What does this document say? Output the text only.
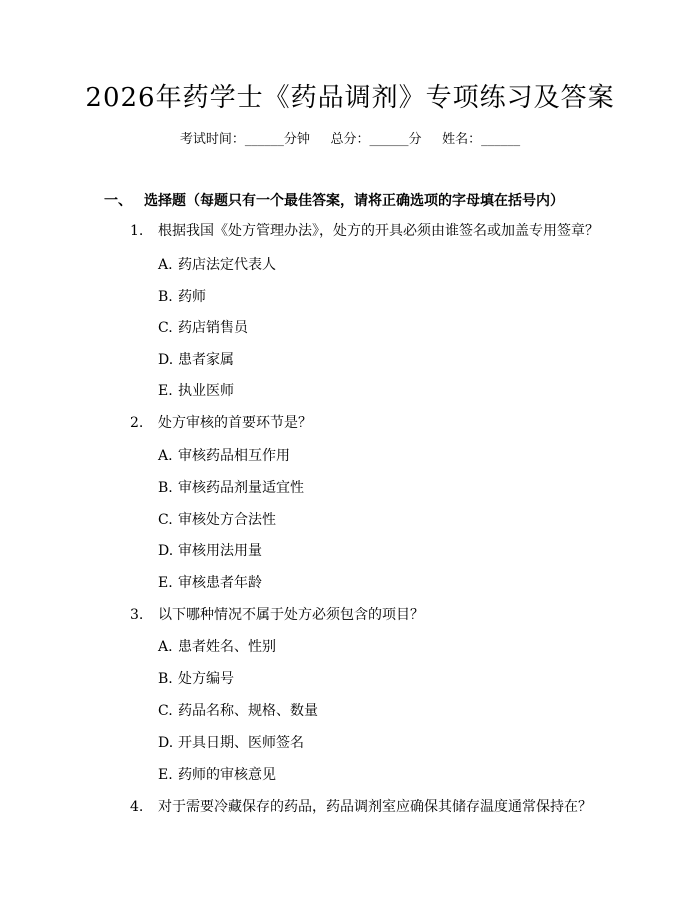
2026年药学士《药品调剂》专项练习及答案
考试时间：______分钟     总分：______分     姓名：______
一、 选择题（每题只有一个最佳答案，请将正确选项的字母填在括号内）
1. 根据我国《处方管理办法》，处方的开具必须由谁签名或加盖专用签章？
A. 药店法定代表人
B. 药师
C. 药店销售员
D. 患者家属
E. 执业医师
2. 处方审核的首要环节是？
A. 审核药品相互作用
B. 审核药品剂量适宜性
C. 审核处方合法性
D. 审核用法用量
E. 审核患者年龄
3. 以下哪种情况不属于处方必须包含的项目？
A. 患者姓名、性别
B. 处方编号
C. 药品名称、规格、数量
D. 开具日期、医师签名
E. 药师的审核意见
4. 对于需要冷藏保存的药品，药品调剂室应确保其储存温度通常保持在？
